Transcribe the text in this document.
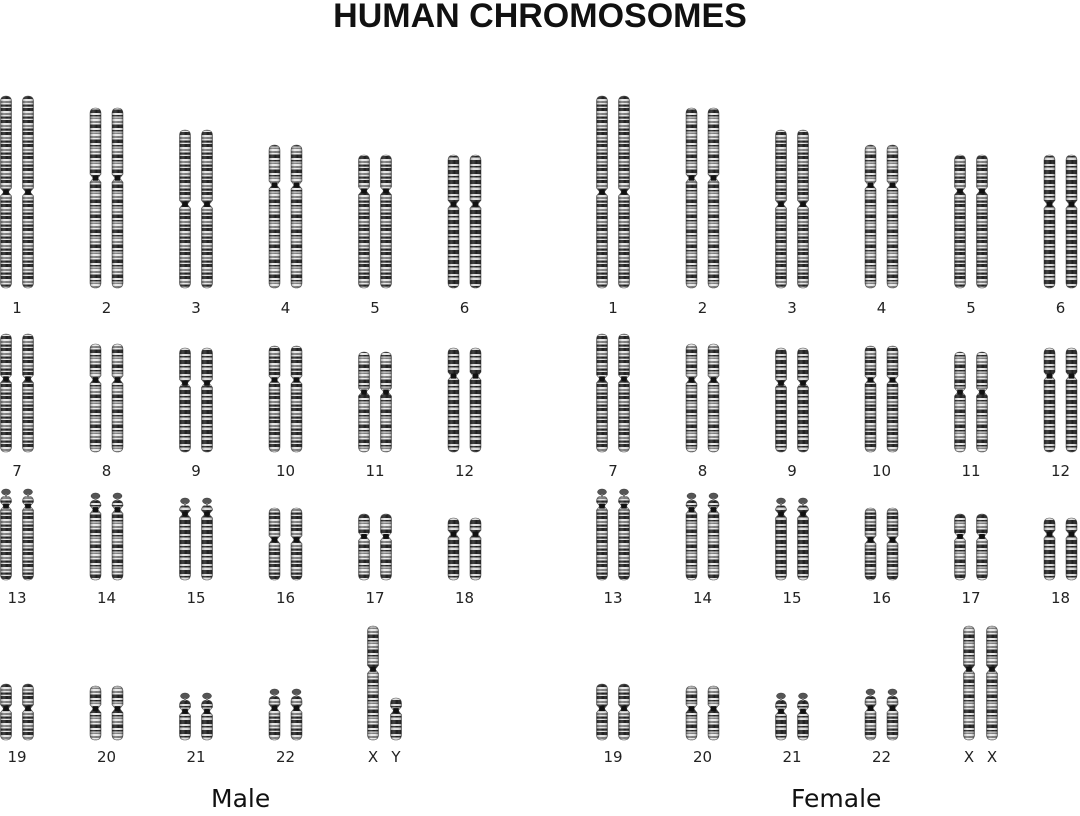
HUMAN CHROMOSOMES
1	2	3	4	5	6
7	8	9	10	11	12
13	14	15	16	17	18
19	20	21	22	X Y
1	2	3	4	5	6
7	8	9	10	11	12
13	14	15	16	17	18
19	20	21	22	X X
Male	Female
